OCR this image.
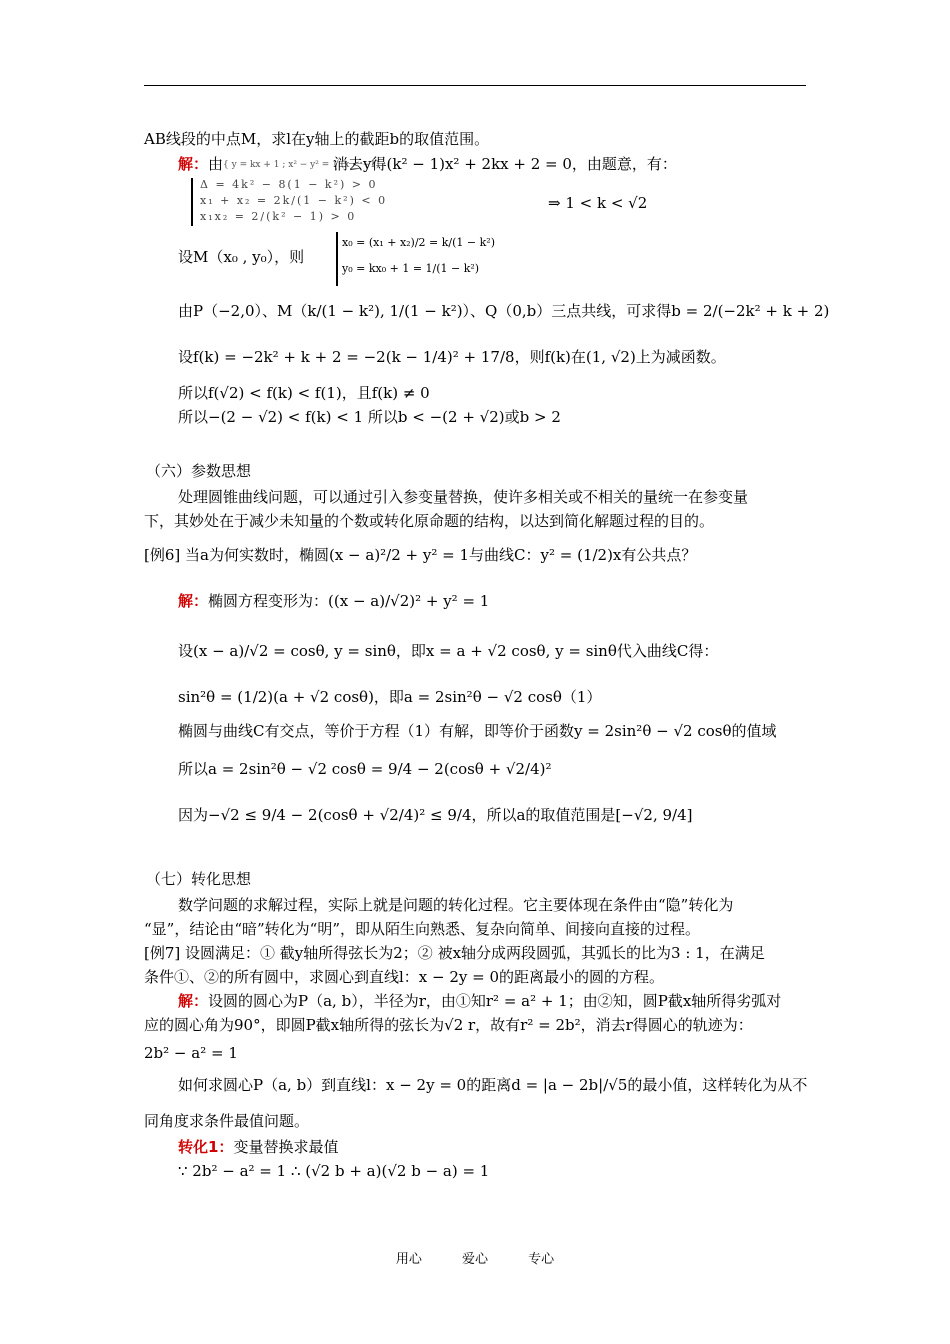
AB线段的中点M，求l在y轴上的截距b的取值范围。
解：由{ y = kx + 1 ; x² − y² = 1 (x < −1)消去y得(k² − 1)x² + 2kx + 2 = 0，由题意，有：
Δ = 4k² − 8(1 − k²) > 0
x₁ + x₂ = 2k/(1 − k²) < 0
x₁x₂ = 2/(k² − 1) > 0
⇒ 1 < k < √2
设M（x₀ , y₀），则
x₀ = (x₁ + x₂)/2 = k/(1 − k²)
y₀ = kx₀ + 1 = 1/(1 − k²)
由P（−2,0）、M（k/(1 − k²), 1/(1 − k²)）、Q（0,b）三点共线，可求得b = 2/(−2k² + k + 2)
设f(k) = −2k² + k + 2 = −2(k − 1/4)² + 17/8，则f(k)在(1, √2)上为减函数。
所以f(√2) < f(k) < f(1)，且f(k) ≠ 0
所以−(2 − √2) < f(k) < 1 所以b < −(2 + √2)或b > 2
（六）参数思想
处理圆锥曲线问题，可以通过引入参变量替换，使许多相关或不相关的量统一在参变量
下，其妙处在于减少未知量的个数或转化原命题的结构，以达到简化解题过程的目的。
[例6] 当a为何实数时，椭圆(x − a)²/2 + y² = 1与曲线C：y² = (1/2)x有公共点？
解：椭圆方程变形为：((x − a)/√2)² + y² = 1
设(x − a)/√2 = cosθ, y = sinθ，即x = a + √2 cosθ, y = sinθ代入曲线C得：
sin²θ = (1/2)(a + √2 cosθ)，即a = 2sin²θ − √2 cosθ（1）
椭圆与曲线C有交点，等价于方程（1）有解，即等价于函数y = 2sin²θ − √2 cosθ的值域
所以a = 2sin²θ − √2 cosθ = 9/4 − 2(cosθ + √2/4)²
因为−√2 ≤ 9/4 − 2(cosθ + √2/4)² ≤ 9/4，所以a的取值范围是[−√2, 9/4]
（七）转化思想
数学问题的求解过程，实际上就是问题的转化过程。它主要体现在条件由“隐”转化为
“显”，结论由“暗”转化为“明”，即从陌生向熟悉、复杂向简单、间接向直接的过程。
[例7] 设圆满足：① 截y轴所得弦长为2；② 被x轴分成两段圆弧，其弧长的比为3 : 1，在满足
条件①、②的所有圆中，求圆心到直线l：x − 2y = 0的距离最小的圆的方程。
解：设圆的圆心为P（a, b），半径为r，由①知r² = a² + 1；由②知，圆P截x轴所得劣弧对
应的圆心角为90°，即圆P截x轴所得的弦长为√2 r，故有r² = 2b²，消去r得圆心的轨迹为：
2b² − a² = 1
如何求圆心P（a, b）到直线l：x − 2y = 0的距离d = |a − 2b|/√5的最小值，这样转化为从不
同角度求条件最值问题。
转化1：变量替换求最值
∵ 2b² − a² = 1 ∴ (√2 b + a)(√2 b − a) = 1
用心	爱心	专心
